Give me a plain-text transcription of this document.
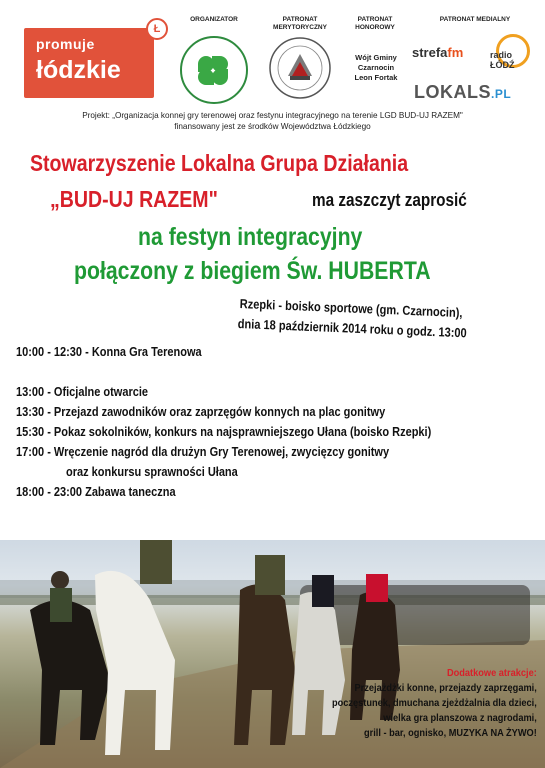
promuje
łódzkie
Ł
ORGANIZATOR	PATRONAT MERYTORYCZNY
PATRONAT HONOROWY
Wójt Gminy
Czarnocin
Leon Fortak
PATRONAT MEDIALNY
strefafm	radio
ŁÓDŹ
LOKALS.PL
Projekt: „Organizacja konnej gry terenowej oraz festynu integracyjnego na terenie LGD BUD-UJ RAZEM"
finansowany jest ze środków Województwa Łódzkiego
Stowarzyszenie Lokalna Grupa Działania
„BUD-UJ RAZEM"	ma zaszczyt zaprosić
na festyn integracyjny
połączony z biegiem Św. HUBERTA
Rzepki - boisko sportowe (gm. Czarnocin),
dnia 18 październik 2014 roku o godz. 13:00
10:00 - 12:30 - Konna Gra Terenowa
13:00 - Oficjalne otwarcie
13:30 - Przejazd zawodników oraz zaprzęgów konnych na plac gonitwy
15:30 - Pokaz sokolników, konkurs na najsprawniejszego Ułana (boisko Rzepki)
17:00 - Wręczenie nagród dla drużyn Gry Terenowej, zwycięzcy gonitwy
oraz konkursu sprawności Ułana
18:00 - 23:00 Zabawa taneczna
Dodatkowe atrakcje:
Przejażdżki konne, przejazdy zaprzęgami,
poczęstunek, dmuchana zjeżdżalnia dla dzieci,
wielka gra planszowa z nagrodami,
grill - bar, ognisko, MUZYKA NA ŻYWO!
